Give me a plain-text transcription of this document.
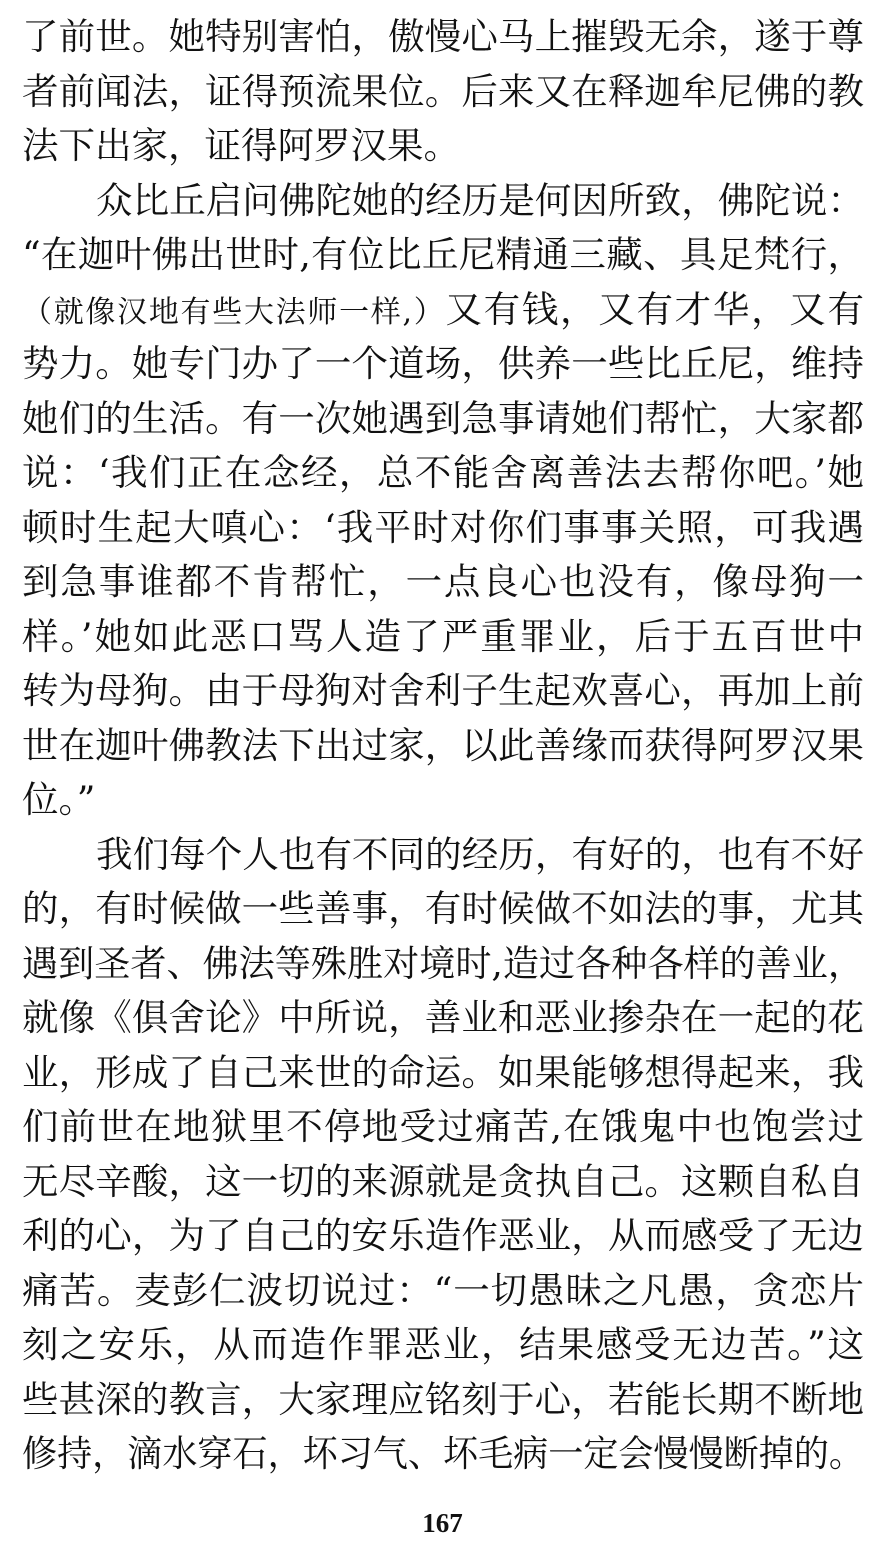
了前世。她特别害怕，傲慢心马上摧毁无余，遂于尊
者前闻法，证得预流果位。后来又在释迦牟尼佛的教
法下出家，证得阿罗汉果。
众比丘启问佛陀她的经历是何因所致，佛陀说：
“在迦叶佛出世时,有位比丘尼精通三藏、具足梵行，
（就像汉地有些大法师一样,）又有钱，又有才华，又有
势力。她专门办了一个道场，供养一些比丘尼，维持
她们的生活。有一次她遇到急事请她们帮忙，大家都
说：‘我们正在念经，总不能舍离善法去帮你吧。’她
顿时生起大嗔心：‘我平时对你们事事关照，可我遇
到急事谁都不肯帮忙，一点良心也没有，像母狗一
样。’她如此恶口骂人造了严重罪业，后于五百世中
转为母狗。由于母狗对舍利子生起欢喜心，再加上前
世在迦叶佛教法下出过家，以此善缘而获得阿罗汉果
位。”
我们每个人也有不同的经历，有好的，也有不好
的，有时候做一些善事，有时候做不如法的事，尤其
遇到圣者、佛法等殊胜对境时,造过各种各样的善业，
就像《俱舍论》中所说，善业和恶业掺杂在一起的花
业，形成了自己来世的命运。如果能够想得起来，我
们前世在地狱里不停地受过痛苦,在饿鬼中也饱尝过
无尽辛酸，这一切的来源就是贪执自己。这颗自私自
利的心，为了自己的安乐造作恶业，从而感受了无边
痛苦。麦彭仁波切说过：“一切愚昧之凡愚，贪恋片
刻之安乐，从而造作罪恶业，结果感受无边苦。”这
些甚深的教言，大家理应铭刻于心，若能长期不断地
修持，滴水穿石，坏习气、坏毛病一定会慢慢断掉的。
167
